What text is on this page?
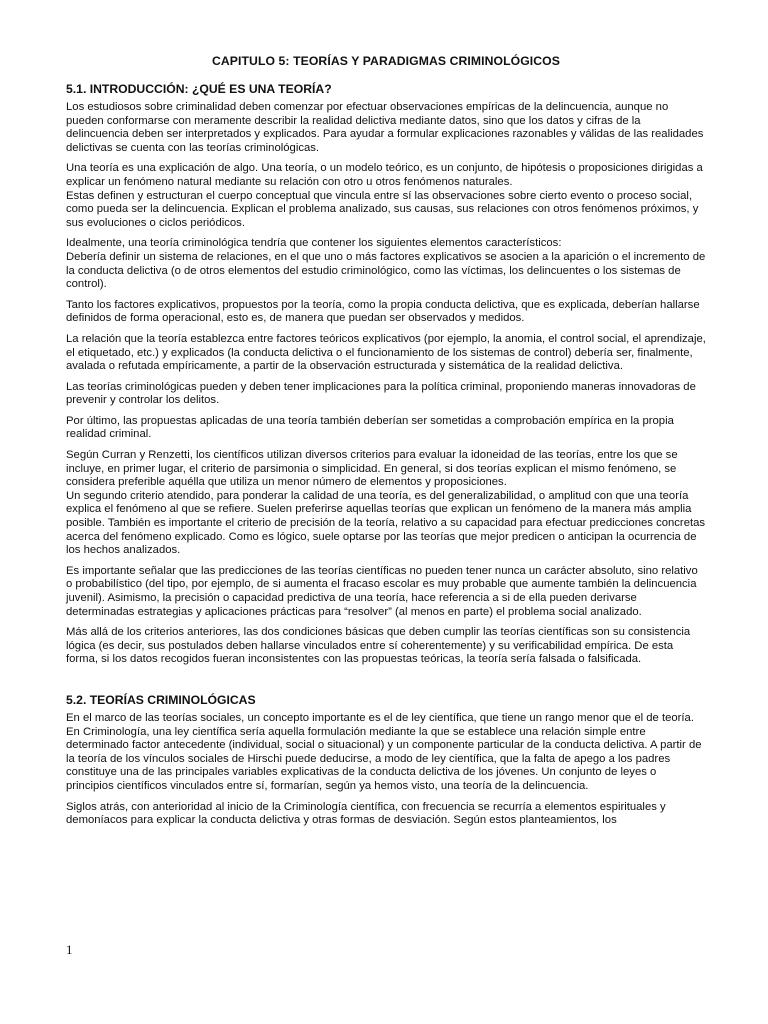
CAPITULO 5: TEORÍAS Y PARADIGMAS CRIMINOLÓGICOS
5.1. INTRODUCCIÓN: ¿QUÉ ES UNA TEORÍA?

Los estudiosos sobre criminalidad deben comenzar por efectuar observaciones empíricas de la delincuencia, aunque no pueden conformarse con meramente describir la realidad delictiva mediante datos, sino que los datos y cifras de la delincuencia deben ser interpretados y explicados. Para ayudar a formular explicaciones razonables y válidas de las realidades delictivas se cuenta con las teorías criminológicas.

Una teoría es una explicación de algo. Una teoría, o un modelo teórico, es un conjunto, de hipótesis o proposiciones dirigidas a explicar un fenómeno natural mediante su relación con otro u otros fenómenos naturales.
Estas definen y estructuran el cuerpo conceptual que vincula entre sí las observaciones sobre cierto evento o proceso social, como pueda ser la delincuencia. Explican el problema analizado, sus causas, sus relaciones con otros fenómenos próximos, y sus evoluciones o ciclos periódicos.

Idealmente, una teoría criminológica tendría que contener los siguientes elementos característicos:
Debería definir un sistema de relaciones, en el que uno o más factores explicativos se asocien a la aparición o el incremento de la conducta delictiva (o de otros elementos del estudio criminológico, como las víctimas, los delincuentes o los sistemas de control).

Tanto los factores explicativos, propuestos por la teoría, como la propia conducta delictiva, que es explicada, deberían hallarse definidos de forma operacional, esto es, de manera que puedan ser observados y medidos.

La relación que la teoría establezca entre factores teóricos explicativos (por ejemplo, la anomia, el control social, el aprendizaje, el etiquetado, etc.) y explicados (la conducta delictiva o el funcionamiento de los sistemas de control) debería ser, finalmente, avalada o refutada empíricamente, a partir de la observación estructurada y sistemática de la realidad delictiva.

Las teorías criminológicas pueden y deben tener implicaciones para la política criminal, proponiendo maneras innovadoras de prevenir y controlar los delitos.

Por último, las propuestas aplicadas de una teoría también deberían ser sometidas a comprobación empírica en la propia realidad criminal.

Según Curran y Renzetti, los científicos utilizan diversos criterios para evaluar la idoneidad de las teorías, entre los que se incluye, en primer lugar, el criterio de parsimonia o simplicidad. En general, si dos teorías explican el mismo fenómeno, se considera preferible aquélla que utiliza un menor número de elementos y proposiciones.
Un segundo criterio atendido, para ponderar la calidad de una teoría, es del generalizabilidad, o amplitud con que una teoría explica el fenómeno al que se refiere. Suelen preferirse aquellas teorías que explican un fenómeno de la manera más amplia posible. También es importante el criterio de precisión de la teoría, relativo a su capacidad para efectuar predicciones concretas acerca del fenómeno explicado. Como es lógico, suele optarse por las teorías que mejor predicen o anticipan la ocurrencia de los hechos analizados.

Es importante señalar que las predicciones de las teorías científicas no pueden tener nunca un carácter absoluto, sino relativo o probabilístico (del tipo, por ejemplo, de si aumenta el fracaso escolar es muy probable que aumente también la delincuencia juvenil). Asimismo, la precisión o capacidad predictiva de una teoría, hace referencia a si de ella pueden derivarse determinadas estrategias y aplicaciones prácticas para “resolver” (al menos en parte) el problema social analizado.

Más allá de los criterios anteriores, las dos condiciones básicas que deben cumplir las teorías científicas son su consistencia lógica (es decir, sus postulados deben hallarse vinculados entre sí coherentemente) y su verificabilidad empírica. De esta forma, si los datos recogidos fueran inconsistentes con las propuestas teóricas, la teoría sería falsada o falsificada.

5.2. TEORÍAS CRIMINOLÓGICAS

En el marco de las teorías sociales, un concepto importante es el de ley científica, que tiene un rango menor que el de teoría. En Criminología, una ley científica sería aquella formulación mediante la que se establece una relación simple entre determinado factor antecedente (individual, social o situacional) y un componente particular de la conducta delictiva. A partir de la teoría de los vínculos sociales de Hirschi puede deducirse, a modo de ley científica, que la falta de apego a los padres constituye una de las principales variables explicativas de la conducta delictiva de los jóvenes. Un conjunto de leyes o principios científicos vinculados entre sí, formarían, según ya hemos visto, una teoría de la delincuencia.

Siglos atrás, con anterioridad al inicio de la Criminología científica, con frecuencia se recurría a elementos espirituales y demoníacos para explicar la conducta delictiva y otras formas de desviación. Según estos planteamientos, los

1
